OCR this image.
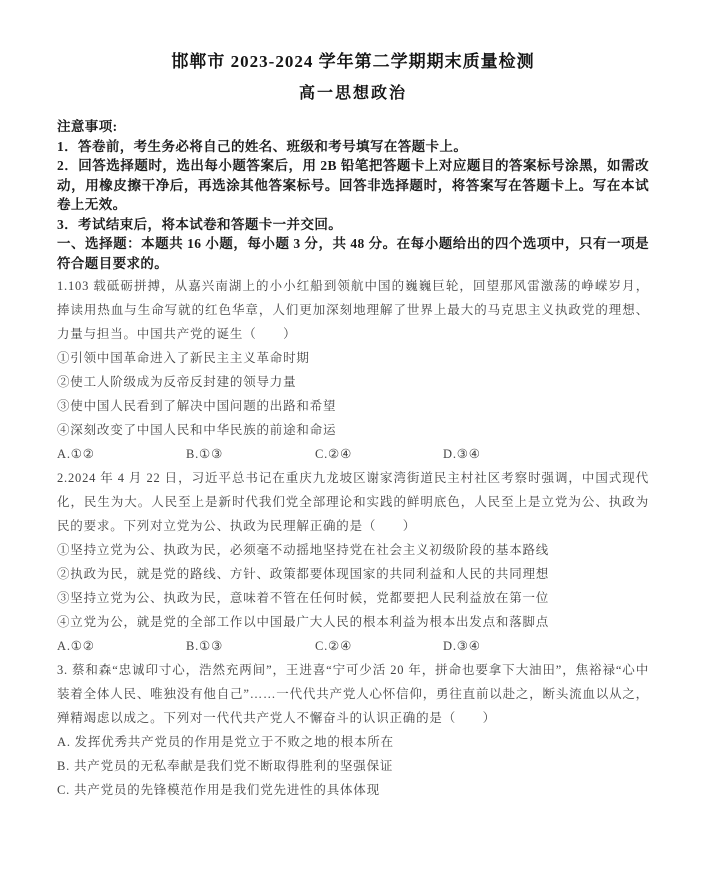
邯郸市 2023-2024 学年第二学期期末质量检测
高一思想政治

注意事项:

1．答卷前，考生务必将自己的姓名、班级和考号填写在答题卡上。

2．回答选择题时，选出每小题答案后，用 2B 铅笔把答题卡上对应题目的答案标号涂黑，如需改动，用橡皮擦干净后，再选涂其他答案标号。回答非选择题时，将答案写在答题卡上。写在本试卷上无效。

3．考试结束后，将本试卷和答题卡一并交回。

一、选择题：本题共 16 小题，每小题 3 分，共 48 分。在每小题给出的四个选项中，只有一项是符合题目要求的。

1.103 载砥砺拼搏，从嘉兴南湖上的小小红船到领航中国的巍巍巨轮，回望那风雷激荡的峥嵘岁月，捧读用热血与生命写就的红色华章，人们更加深刻地理解了世界上最大的马克思主义执政党的理想、力量与担当。中国共产党的诞生（　　）

①引领中国革命进入了新民主主义革命时期

②使工人阶级成为反帝反封建的领导力量

③使中国人民看到了解决中国问题的出路和希望

④深刻改变了中国人民和中华民族的前途和命运

A.①②	B.①③	C.②④	D.③④

2.2024 年 4 月 22 日，习近平总书记在重庆九龙坡区谢家湾街道民主村社区考察时强调，中国式现代化，民生为大。人民至上是新时代我们党全部理论和实践的鲜明底色，人民至上是立党为公、执政为民的要求。下列对立党为公、执政为民理解正确的是（　　）

①坚持立党为公、执政为民，必须毫不动摇地坚持党在社会主义初级阶段的基本路线

②执政为民，就是党的路线、方针、政策都要体现国家的共同利益和人民的共同理想

③坚持立党为公、执政为民，意味着不管在任何时候，党都要把人民利益放在第一位

④立党为公，就是党的全部工作以中国最广大人民的根本利益为根本出发点和落脚点

A.①②	B.①③	C.②④	D.③④

3. 蔡和森“忠诚印寸心，浩然充两间”，王进喜“宁可少活 20 年，拼命也要拿下大油田”，焦裕禄“心中装着全体人民、唯独没有他自己”……一代代共产党人心怀信仰，勇往直前以赴之，断头流血以从之，殚精竭虑以成之。下列对一代代共产党人不懈奋斗的认识正确的是（　　）

A. 发挥优秀共产党员的作用是党立于不败之地的根本所在

B. 共产党员的无私奉献是我们党不断取得胜利的坚强保证

C. 共产党员的先锋模范作用是我们党先进性的具体体现
